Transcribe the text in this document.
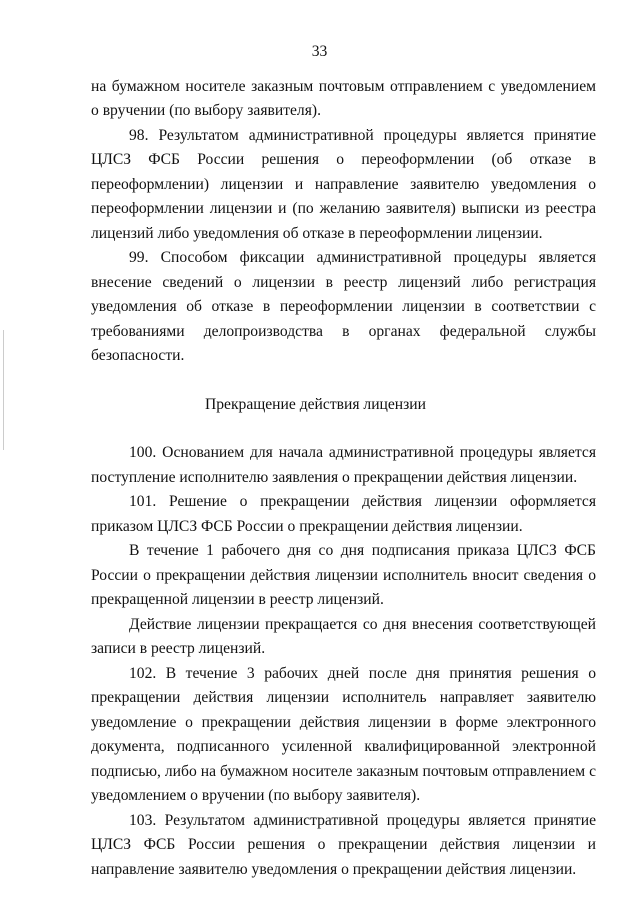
33

на бумажном носителе заказным почтовым отправлением с уведомлением о вручении (по выбору заявителя).

98. Результатом административной процедуры является принятие ЦЛСЗ ФСБ России решения о переоформлении (об отказе в переоформлении) лицензии и направление заявителю уведомления о переоформлении лицензии и (по желанию заявителя) выписки из реестра лицензий либо уведомления об отказе в переоформлении лицензии.

99. Способом фиксации административной процедуры является внесение сведений о лицензии в реестр лицензий либо регистрация уведомления об отказе в переоформлении лицензии в соответствии с требованиями делопроизводства в органах федеральной службы безопасности.

Прекращение действия лицензии

100. Основанием для начала административной процедуры является поступление исполнителю заявления о прекращении действия лицензии.

101. Решение о прекращении действия лицензии оформляется приказом ЦЛСЗ ФСБ России о прекращении действия лицензии.

В течение 1 рабочего дня со дня подписания приказа ЦЛСЗ ФСБ России о прекращении действия лицензии исполнитель вносит сведения о прекращенной лицензии в реестр лицензий.

Действие лицензии прекращается со дня внесения соответствующей записи в реестр лицензий.

102. В течение 3 рабочих дней после дня принятия решения о прекращении действия лицензии исполнитель направляет заявителю уведомление о прекращении действия лицензии в форме электронного документа, подписанного усиленной квалифицированной электронной подписью, либо на бумажном носителе заказным почтовым отправлением с уведомлением о вручении (по выбору заявителя).

103. Результатом административной процедуры является принятие ЦЛСЗ ФСБ России решения о прекращении действия лицензии и направление заявителю уведомления о прекращении действия лицензии.
